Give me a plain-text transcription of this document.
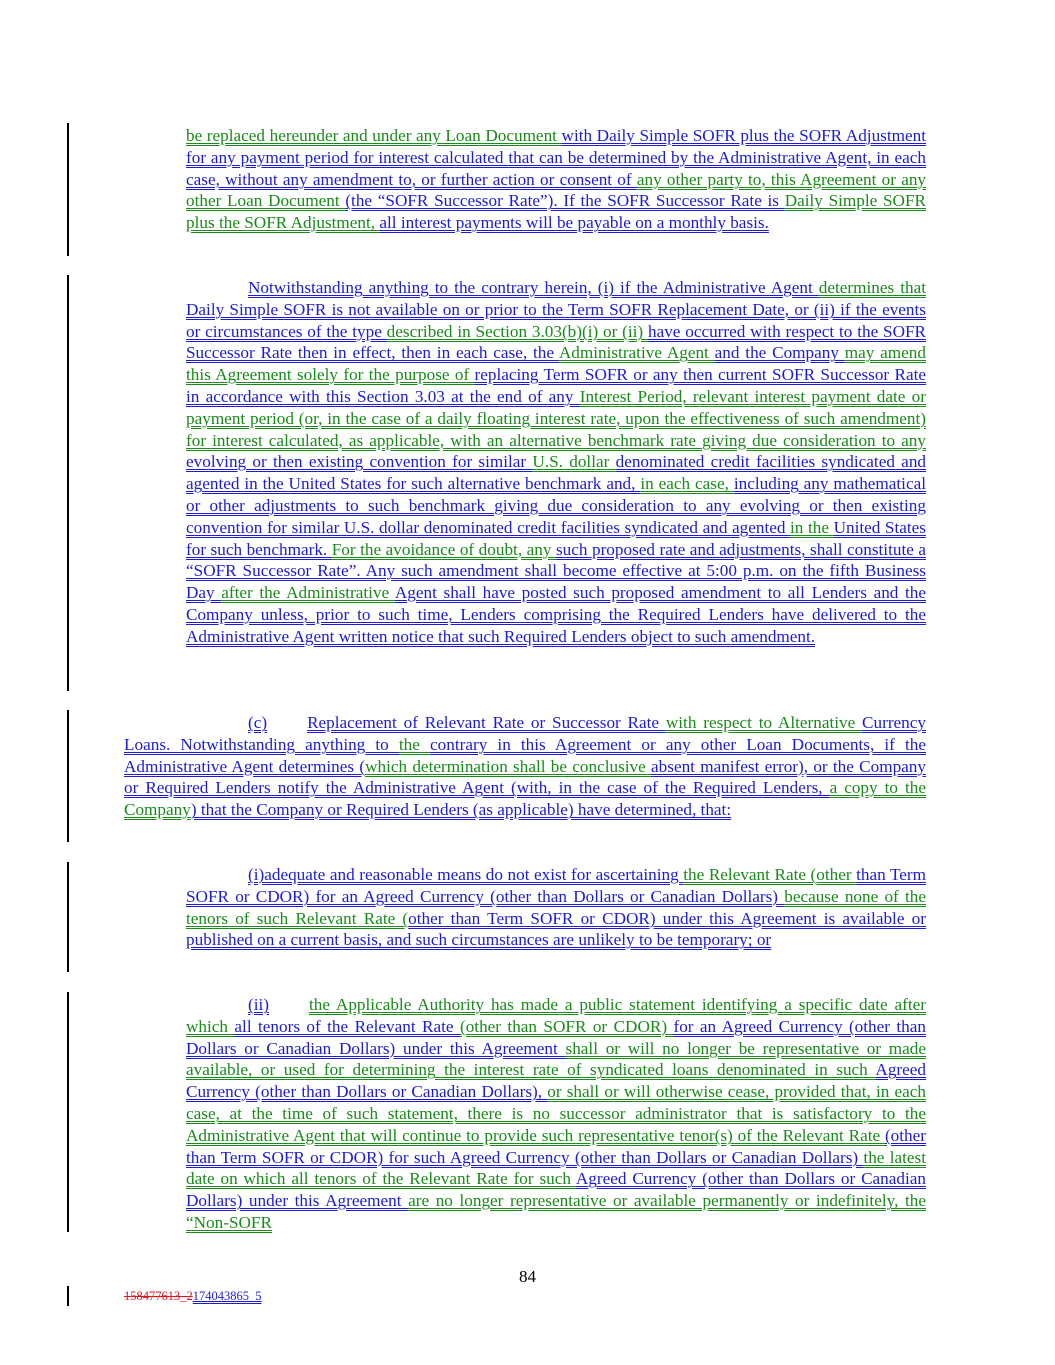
be replaced hereunder and under any Loan Document with Daily Simple SOFR plus the SOFR Adjustment for any payment period for interest calculated that can be determined by the Administrative Agent, in each case, without any amendment to, or further action or consent of any other party to, this Agreement or any other Loan Document (the “SOFR Successor Rate”). If the SOFR Successor Rate is Daily Simple SOFR plus the SOFR Adjustment, all interest payments will be payable on a monthly basis.

Notwithstanding anything to the contrary herein, (i) if the Administrative Agent determines that Daily Simple SOFR is not available on or prior to the Term SOFR Replacement Date, or (ii) if the events or circumstances of the type described in Section 3.03(b)(i) or (ii) have occurred with respect to the SOFR Successor Rate then in effect, then in each case, the Administrative Agent and the Company may amend this Agreement solely for the purpose of replacing Term SOFR or any then current SOFR Successor Rate in accordance with this Section 3.03 at the end of any Interest Period, relevant interest payment date or payment period (or, in the case of a daily floating interest rate, upon the effectiveness of such amendment) for interest calculated, as applicable, with an alternative benchmark rate giving due consideration to any evolving or then existing convention for similar U.S. dollar denominated credit facilities syndicated and agented in the United States for such alternative benchmark and, in each case, including any mathematical or other adjustments to such benchmark giving due consideration to any evolving or then existing convention for similar U.S. dollar denominated credit facilities syndicated and agented in the United States for such benchmark. For the avoidance of doubt, any such proposed rate and adjustments, shall constitute a “SOFR Successor Rate”. Any such amendment shall become effective at 5:00 p.m. on the fifth Business Day after the Administrative Agent shall have posted such proposed amendment to all Lenders and the Company unless, prior to such time, Lenders comprising the Required Lenders have delivered to the Administrative Agent written notice that such Required Lenders object to such amendment.

(c) Replacement of Relevant Rate or Successor Rate with respect to Alternative Currency Loans. Notwithstanding anything to the contrary in this Agreement or any other Loan Documents, if the Administrative Agent determines (which determination shall be conclusive absent manifest error), or the Company or Required Lenders notify the Administrative Agent (with, in the case of the Required Lenders, a copy to the Company) that the Company or Required Lenders (as applicable) have determined, that:

(i)adequate and reasonable means do not exist for ascertaining the Relevant Rate (other than Term SOFR or CDOR) for an Agreed Currency (other than Dollars or Canadian Dollars) because none of the tenors of such Relevant Rate (other than Term SOFR or CDOR) under this Agreement is available or published on a current basis, and such circumstances are unlikely to be temporary; or

(ii) the Applicable Authority has made a public statement identifying a specific date after which all tenors of the Relevant Rate (other than SOFR or CDOR) for an Agreed Currency (other than Dollars or Canadian Dollars) under this Agreement shall or will no longer be representative or made available, or used for determining the interest rate of syndicated loans denominated in such Agreed Currency (other than Dollars or Canadian Dollars), or shall or will otherwise cease, provided that, in each case, at the time of such statement, there is no successor administrator that is satisfactory to the Administrative Agent that will continue to provide such representative tenor(s) of the Relevant Rate (other than Term SOFR or CDOR) for such Agreed Currency (other than Dollars or Canadian Dollars) the latest date on which all tenors of the Relevant Rate for such Agreed Currency (other than Dollars or Canadian Dollars) under this Agreement are no longer representative or available permanently or indefinitely, the “Non-SOFR

84
158477613_2174043865_5
